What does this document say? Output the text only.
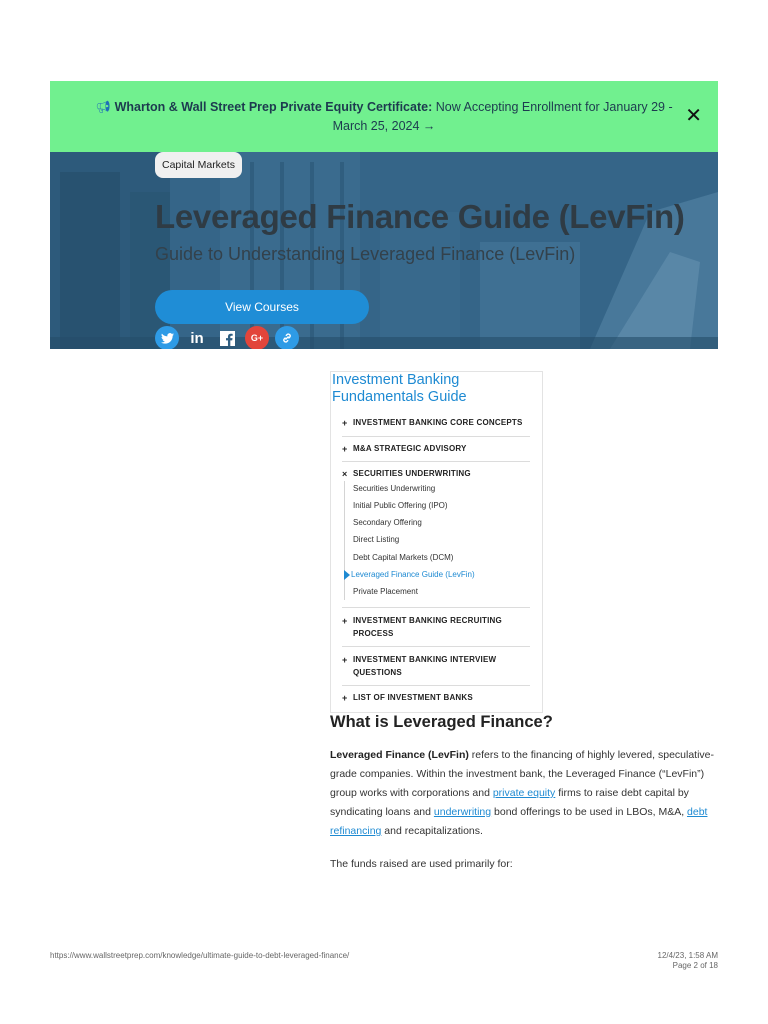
📢︎ Wharton & Wall Street Prep Private Equity Certificate: Now Accepting Enrollment for January 29 - March 25, 2024 →	✕
Capital Markets
Leveraged Finance Guide (LevFin)
Guide to Understanding Leveraged Finance (LevFin)
View Courses
in	G+
Investment Banking Fundamentals Guide
+ INVESTMENT BANKING CORE CONCEPTS
+ M&A STRATEGIC ADVISORY
× SECURITIES UNDERWRITING
Securities Underwriting
Initial Public Offering (IPO)
Secondary Offering
Direct Listing
Debt Capital Markets (DCM)
Leveraged Finance Guide (LevFin)
Private Placement
+ INVESTMENT BANKING RECRUITING PROCESS
+ INVESTMENT BANKING INTERVIEW QUESTIONS
+ LIST OF INVESTMENT BANKS
What is Leveraged Finance?
Leveraged Finance (LevFin) refers to the financing of highly levered, speculative-grade companies. Within the investment bank, the Leveraged Finance (“LevFin”) group works with corporations and private equity firms to raise debt capital by syndicating loans and underwriting bond offerings to be used in LBOs, M&A, debt refinancing and recapitalizations.
The funds raised are used primarily for:
https://www.wallstreetprep.com/knowledge/ultimate-guide-to-debt-leveraged-finance/	12/4/23, 1:58 AM
Page 2 of 18
